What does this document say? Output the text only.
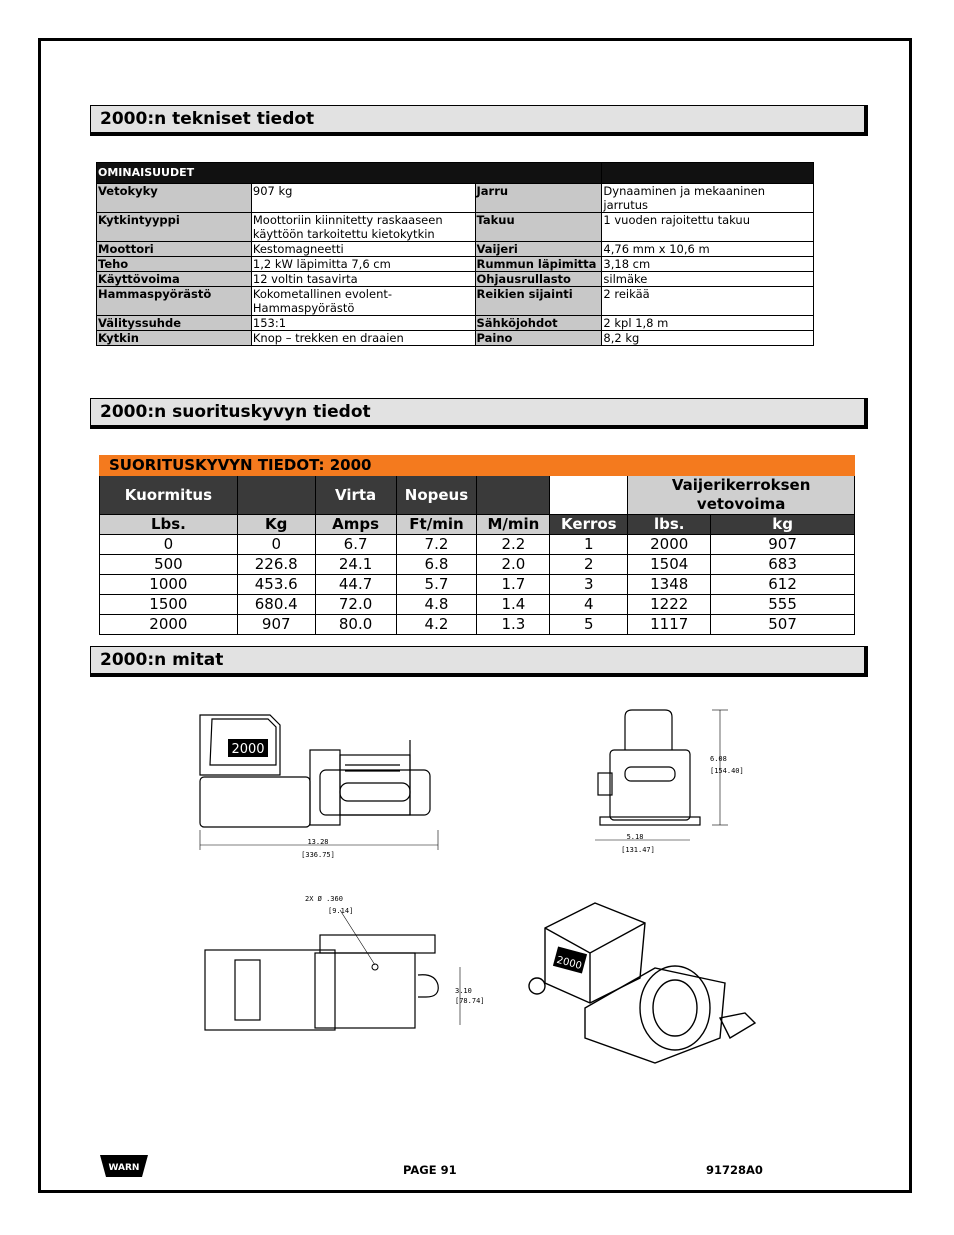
2000:n tekniset tiedot
OMINAISUUDET			
Vetokyky	907 kg	Jarru	Dynaaminen ja mekaaninen jarrutus
Kytkintyyppi	Moottoriin kiinnitetty raskaaseen käyttöön tarkoitettu kietokytkin	Takuu	1 vuoden rajoitettu takuu
Moottori	Kestomagneetti	Vaijeri	4,76 mm x 10,6 m
Teho	1,2 kW läpimitta 7,6 cm	Rummun läpimitta	3,18 cm
Käyttövoima	12 voltin tasavirta	Ohjausrullasto	silmäke
Hammaspyörästö	Kokometallinen evolent-Hammaspyörästö	Reikien sijainti	2 reikää
Välityssuhde	153:1	Sähköjohdot	2 kpl 1,8 m
Kytkin	Knop – trekken en draaien	Paino	8,2 kg
2000:n suorituskyvyn tiedot
SUORITUSKYVYN TIEDOT: 2000							
Kuormitus		Virta	Nopeus			Vaijerikerroksen vetovoima	
Lbs.	Kg	Amps	Ft/min	M/min	Kerros	lbs.	kg
0	0	6.7	7.2	2.2	1	2000	907
500	226.8	24.1	6.8	2.0	2	1504	683
1000	453.6	44.7	5.7	1.7	3	1348	612
1500	680.4	72.0	4.8	1.4	4	1222	555
2000	907	80.0	4.2	1.3	5	1117	507
2000:n mitat
2000
13.28
[336.75]
6.08
[154.40]
5.18
[131.47]
2X Ø .360
[9.14]
3.10
[78.74]
2000
WARN	PAGE 91	91728A0
